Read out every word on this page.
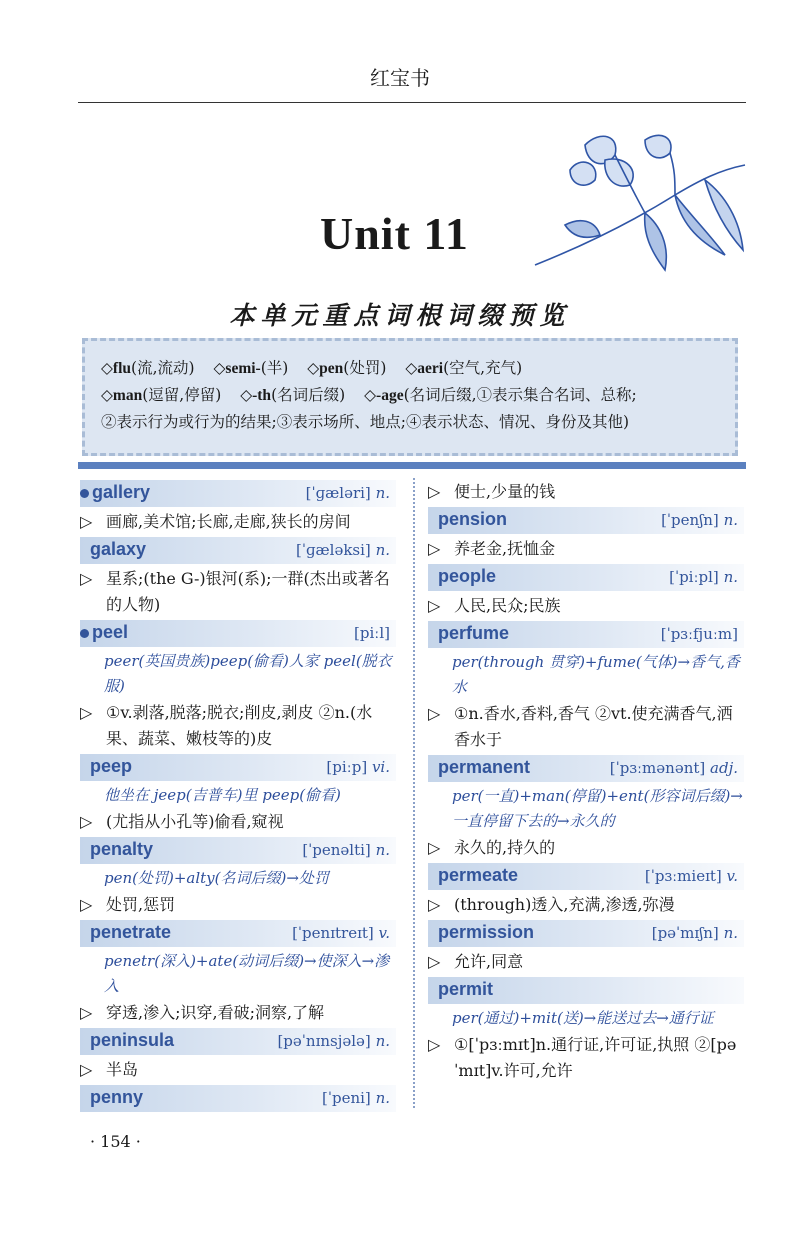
红宝书
Unit 11
本单元重点词根词缀预览
◇flu(流,流动) ◇semi-(半) ◇pen(处罚) ◇aeri(空气,充气)
◇man(逗留,停留) ◇-th(名词后缀) ◇-age(名词后缀,①表示集合名词、总称;
②表示行为或行为的结果;③表示场所、地点;④表示状态、情况、身份及其他)
gallery	[ˈɡæləri] n.
▷ 画廊,美术馆;长廊,走廊,狭长的房间
galaxy	[ˈɡæləksi] n.
▷ 星系;(the G-)银河(系);一群(杰出或著名的人物)
peel	[piːl]
peer(英国贵族)peep(偷看)人家 peel(脱衣服)
▷ ①v.剥落,脱落;脱衣;削皮,剥皮 ②n.(水果、蔬菜、嫩枝等的)皮
peep	[piːp] vi.
他坐在 jeep(吉普车)里 peep(偷看)
▷ (尤指从小孔等)偷看,窥视
penalty	[ˈpenəlti] n.
pen(处罚)+alty(名词后缀)→处罚
▷ 处罚,惩罚
penetrate	[ˈpenɪtreɪt] v.
penetr(深入)+ate(动词后缀)→使深入→渗入
▷ 穿透,渗入;识穿,看破;洞察,了解
peninsula	[pəˈnɪnsjələ] n.
▷ 半岛
penny	[ˈpeni] n.
▷ 便士,少量的钱
pension	[ˈpenʃn] n.
▷ 养老金,抚恤金
people	[ˈpiːpl] n.
▷ 人民,民众;民族
perfume	[ˈpɜːfjuːm]
per(through 贯穿)+fume(气体)→香气,香水
▷ ①n.香水,香料,香气 ②vt.使充满香气,洒香水于
permanent	[ˈpɜːmənənt] adj.
per(一直)+man(停留)+ent(形容词后缀)→一直停留下去的→永久的
▷ 永久的,持久的
permeate	[ˈpɜːmieɪt] v.
▷ (through)透入,充满,渗透,弥漫
permission	[pəˈmɪʃn] n.
▷ 允许,同意
permit
per(通过)+mit(送)→能送过去→通行证
▷ ①[ˈpɜːmɪt]n.通行证,许可证,执照 ②[pəˈmɪt]v.许可,允许
· 154 ·
